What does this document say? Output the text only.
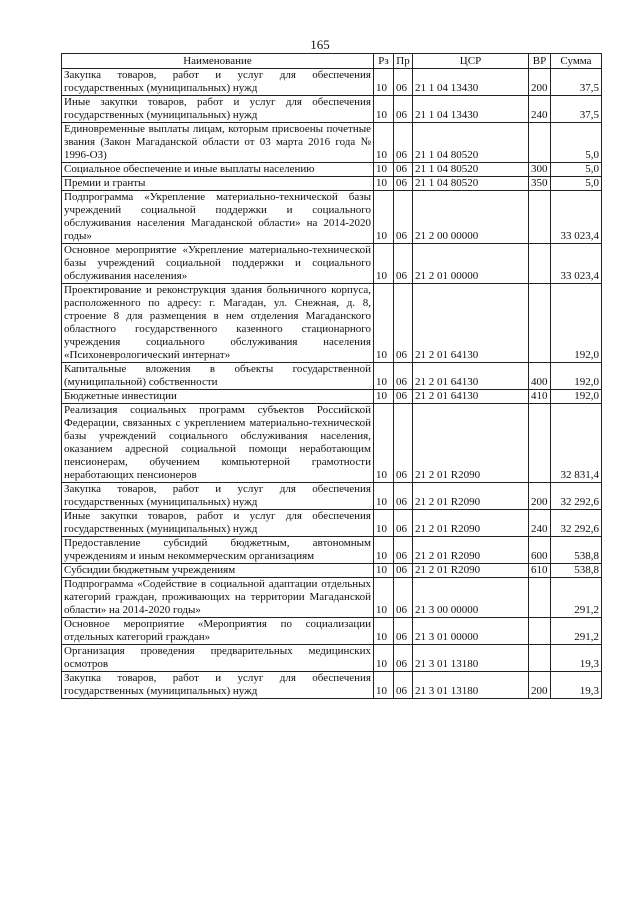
165
Наименование	Рз	Пр	ЦСР	ВР	Сумма
Закупка товаров, работ и услуг для обеспечения государственных (муниципальных) нужд	10	06	21 1 04 13430	200	37,5
Иные закупки товаров, работ и услуг для обеспечения государственных (муниципальных) нужд	10	06	21 1 04 13430	240	37,5
Единовременные выплаты лицам, которым присвоены почетные звания (Закон Магаданской области от 03 марта 2016 года № 1996-ОЗ)	10	06	21 1 04 80520		5,0
Социальное обеспечение и иные выплаты населению	10	06	21 1 04 80520	300	5,0
Премии и гранты	10	06	21 1 04 80520	350	5,0
Подпрограмма «Укрепление материально-технической базы учреждений социальной поддержки и социального обслуживания населения Магаданской области» на 2014-2020 годы»	10	06	21 2 00 00000		33 023,4
Основное мероприятие «Укрепление материально-технической базы учреждений социальной поддержки и социального обслуживания населения»	10	06	21 2 01 00000		33 023,4
Проектирование и реконструкция здания больничного корпуса, расположенного по адресу: г. Магадан, ул. Снежная, д. 8, строение 8 для размещения в нем отделения Магаданского областного государственного казенного стационарного учреждения социального обслуживания населения «Психоневрологический интернат»	10	06	21 2 01 64130		192,0
Капитальные вложения в объекты государственной (муниципальной) собственности	10	06	21 2 01 64130	400	192,0
Бюджетные инвестиции	10	06	21 2 01 64130	410	192,0
Реализация социальных программ субъектов Российской Федерации, связанных с укреплением материально-технической базы учреждений социального обслуживания населения, оказанием адресной социальной помощи неработающим пенсионерам, обучением компьютерной грамотности неработающих пенсионеров	10	06	21 2 01 R2090		32 831,4
Закупка товаров, работ и услуг для обеспечения государственных (муниципальных) нужд	10	06	21 2 01 R2090	200	32 292,6
Иные закупки товаров, работ и услуг для обеспечения государственных (муниципальных) нужд	10	06	21 2 01 R2090	240	32 292,6
Предоставление субсидий бюджетным, автономным учреждениям и иным некоммерческим организациям	10	06	21 2 01 R2090	600	538,8
Субсидии бюджетным учреждениям	10	06	21 2 01 R2090	610	538,8
Подпрограмма «Содействие в социальной адаптации отдельных категорий граждан, проживающих на территории Магаданской области» на 2014-2020 годы»	10	06	21 3 00 00000		291,2
Основное мероприятие «Мероприятия по социализации отдельных категорий граждан»	10	06	21 3 01 00000		291,2
Организация проведения предварительных медицинских осмотров	10	06	21 3 01 13180		19,3
Закупка товаров, работ и услуг для обеспечения государственных (муниципальных) нужд	10	06	21 3 01 13180	200	19,3
